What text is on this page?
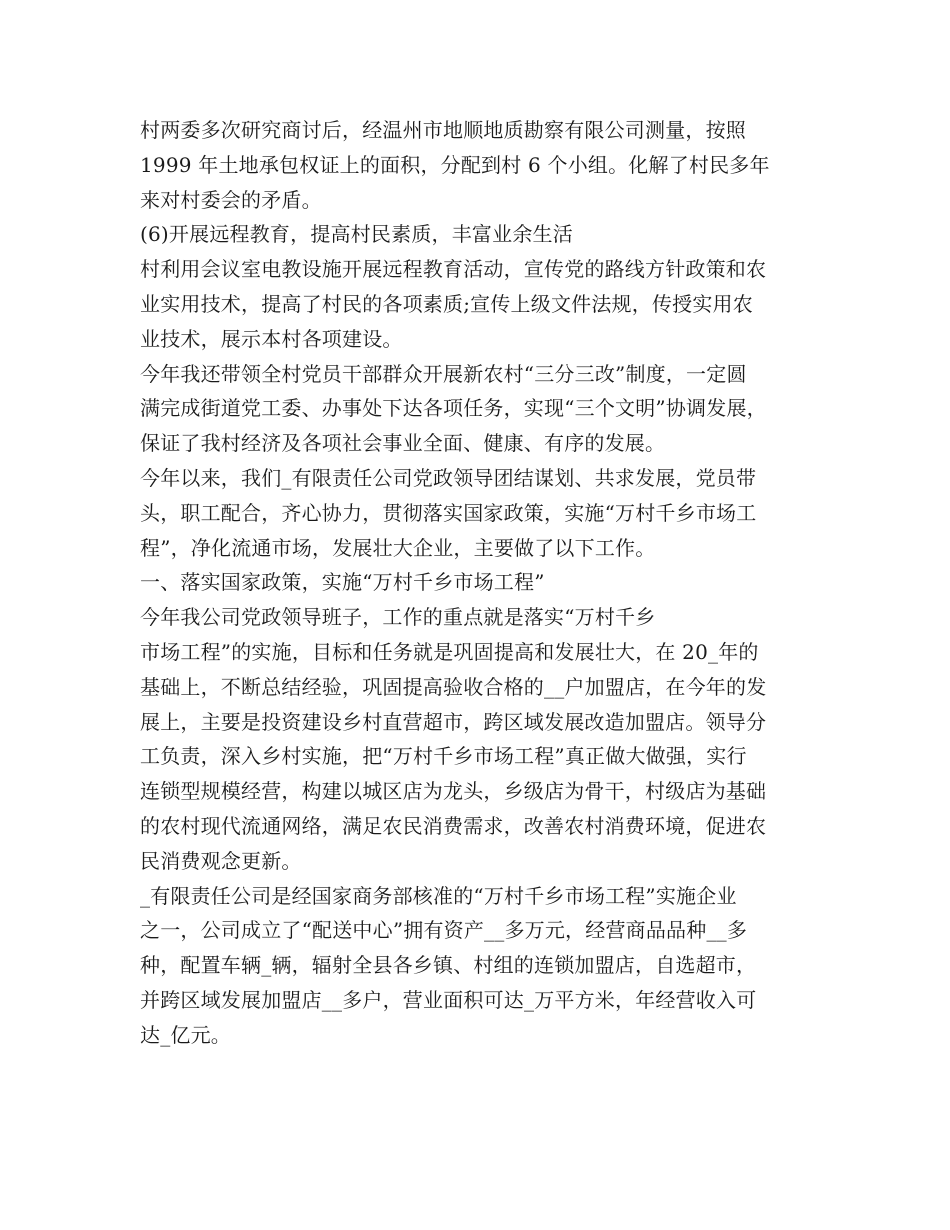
村两委多次研究商讨后，经温州市地顺地质勘察有限公司测量，按照
1999 年土地承包权证上的面积，分配到村 6 个小组。化解了村民多年
来对村委会的矛盾。
(6)开展远程教育，提高村民素质，丰富业余生活
村利用会议室电教设施开展远程教育活动，宣传党的路线方针政策和农
业实用技术，提高了村民的各项素质;宣传上级文件法规，传授实用农
业技术，展示本村各项建设。
今年我还带领全村党员干部群众开展新农村“三分三改”制度，一定圆
满完成街道党工委、办事处下达各项任务，实现“三个文明”协调发展，
保证了我村经济及各项社会事业全面、健康、有序的发展。
今年以来，我们_有限责任公司党政领导团结谋划、共求发展，党员带
头，职工配合，齐心协力，贯彻落实国家政策，实施“万村千乡市场工
程”，净化流通市场，发展壮大企业，主要做了以下工作。
一、落实国家政策，实施“万村千乡市场工程”
今年我公司党政领导班子，工作的重点就是落实“万村千乡
市场工程”的实施，目标和任务就是巩固提高和发展壮大，在 20_年的
基础上，不断总结经验，巩固提高验收合格的__户加盟店，在今年的发
展上，主要是投资建设乡村直营超市，跨区域发展改造加盟店。领导分
工负责，深入乡村实施，把“万村千乡市场工程”真正做大做强，实行
连锁型规模经营，构建以城区店为龙头，乡级店为骨干，村级店为基础
的农村现代流通网络，满足农民消费需求，改善农村消费环境，促进农
民消费观念更新。
_有限责任公司是经国家商务部核准的“万村千乡市场工程”实施企业
之一，公司成立了“配送中心”拥有资产__多万元，经营商品品种__多
种，配置车辆_辆，辐射全县各乡镇、村组的连锁加盟店，自选超市，
并跨区域发展加盟店__多户，营业面积可达_万平方米，年经营收入可
达_亿元。
